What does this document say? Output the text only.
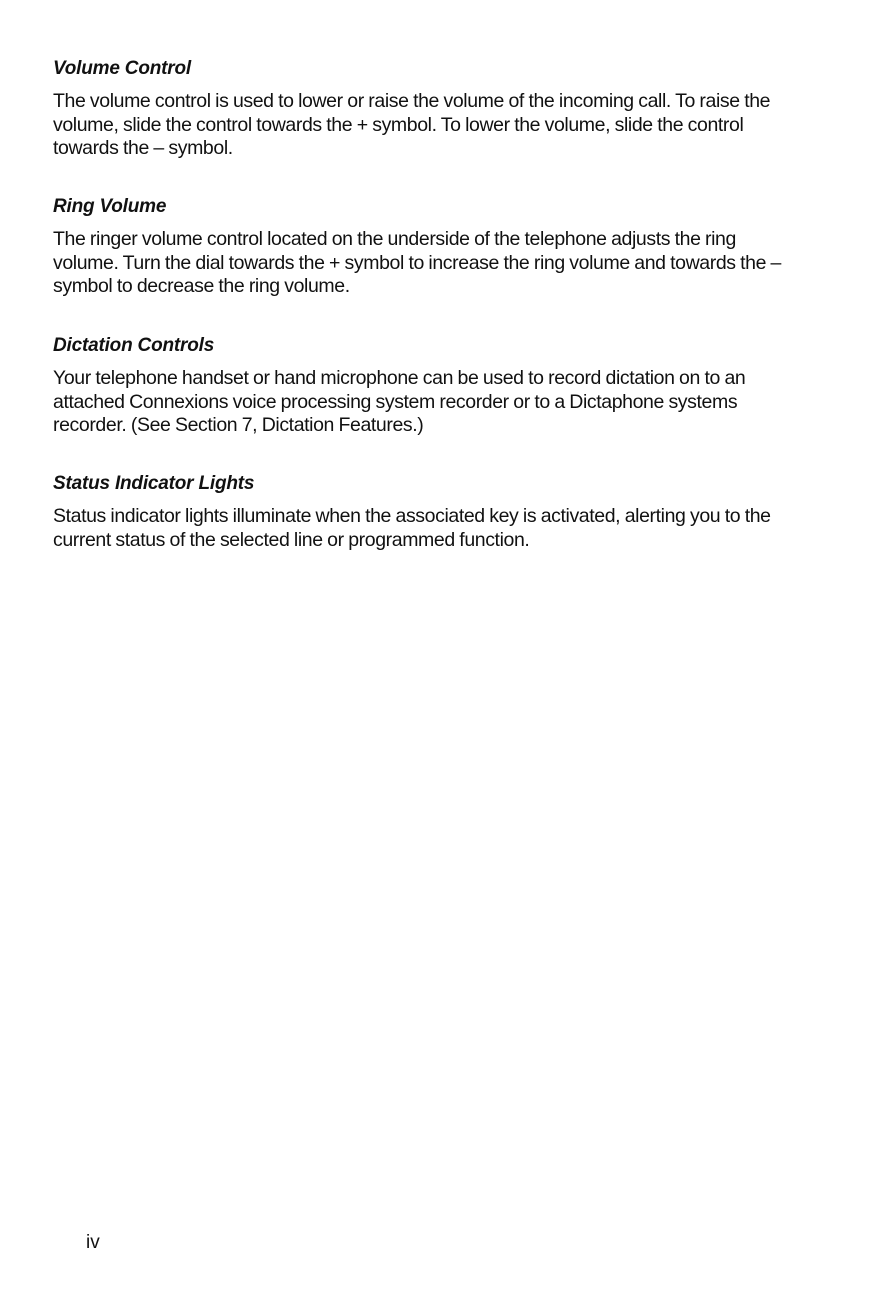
Volume Control

The volume control is used to lower or raise the volume of the incoming call. To raise the volume, slide the control towards the + symbol. To lower the volume, slide the control towards the – symbol.

Ring Volume

The ringer volume control located on the underside of the telephone adjusts the ring volume. Turn the dial towards the + symbol to increase the ring volume and towards the – symbol to decrease the ring volume.

Dictation Controls

Your telephone handset or hand microphone can be used to record dictation on to an attached Connexions voice processing system recorder or to a Dictaphone systems recorder. (See Section 7, Dictation Features.)

Status Indicator Lights

Status indicator lights illuminate when the associated key is activated, alerting you to the current status of the selected line or programmed function.

iv
